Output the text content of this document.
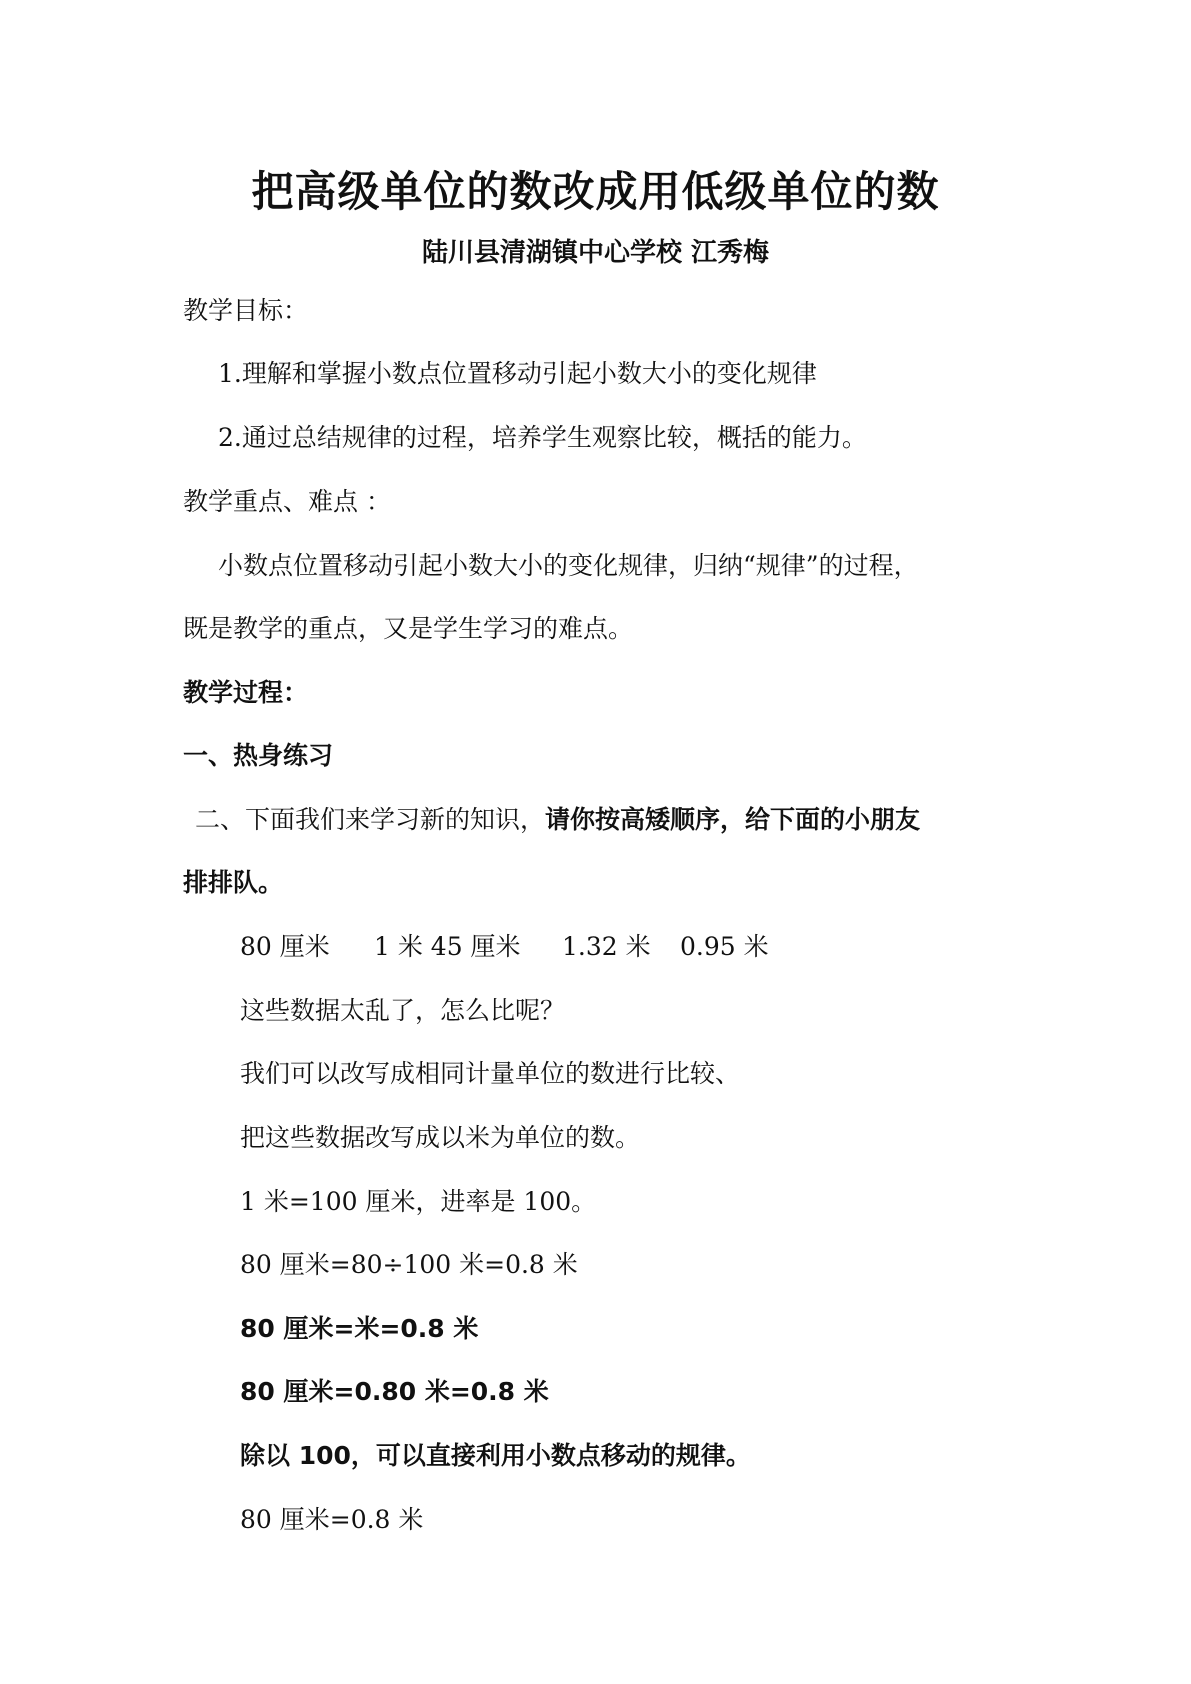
把高级单位的数改成用低级单位的数
陆川县清湖镇中心学校 江秀梅
教学目标：
1.理解和掌握小数点位置移动引起小数大小的变化规律
2.通过总结规律的过程，培养学生观察比较，概括的能力。
教学重点、难点 ：
小数点位置移动引起小数大小的变化规律，归纳“规律”的过程，
既是教学的重点，又是学生学习的难点。
教学过程：
一、热身练习
二、下面我们来学习新的知识，请你按高矮顺序，给下面的小朋友
排排队。
80 厘米 1 米 45 厘米 1.32 米 0.95 米
这些数据太乱了，怎么比呢？
我们可以改写成相同计量单位的数进行比较、
把这些数据改写成以米为单位的数。
1 米=100 厘米，进率是 100。
80 厘米=80÷100 米=0.8 米
80 厘米=米=0.8 米
80 厘米=0.80 米=0.8 米
除以 100，可以直接利用小数点移动的规律。
80 厘米=0.8 米
